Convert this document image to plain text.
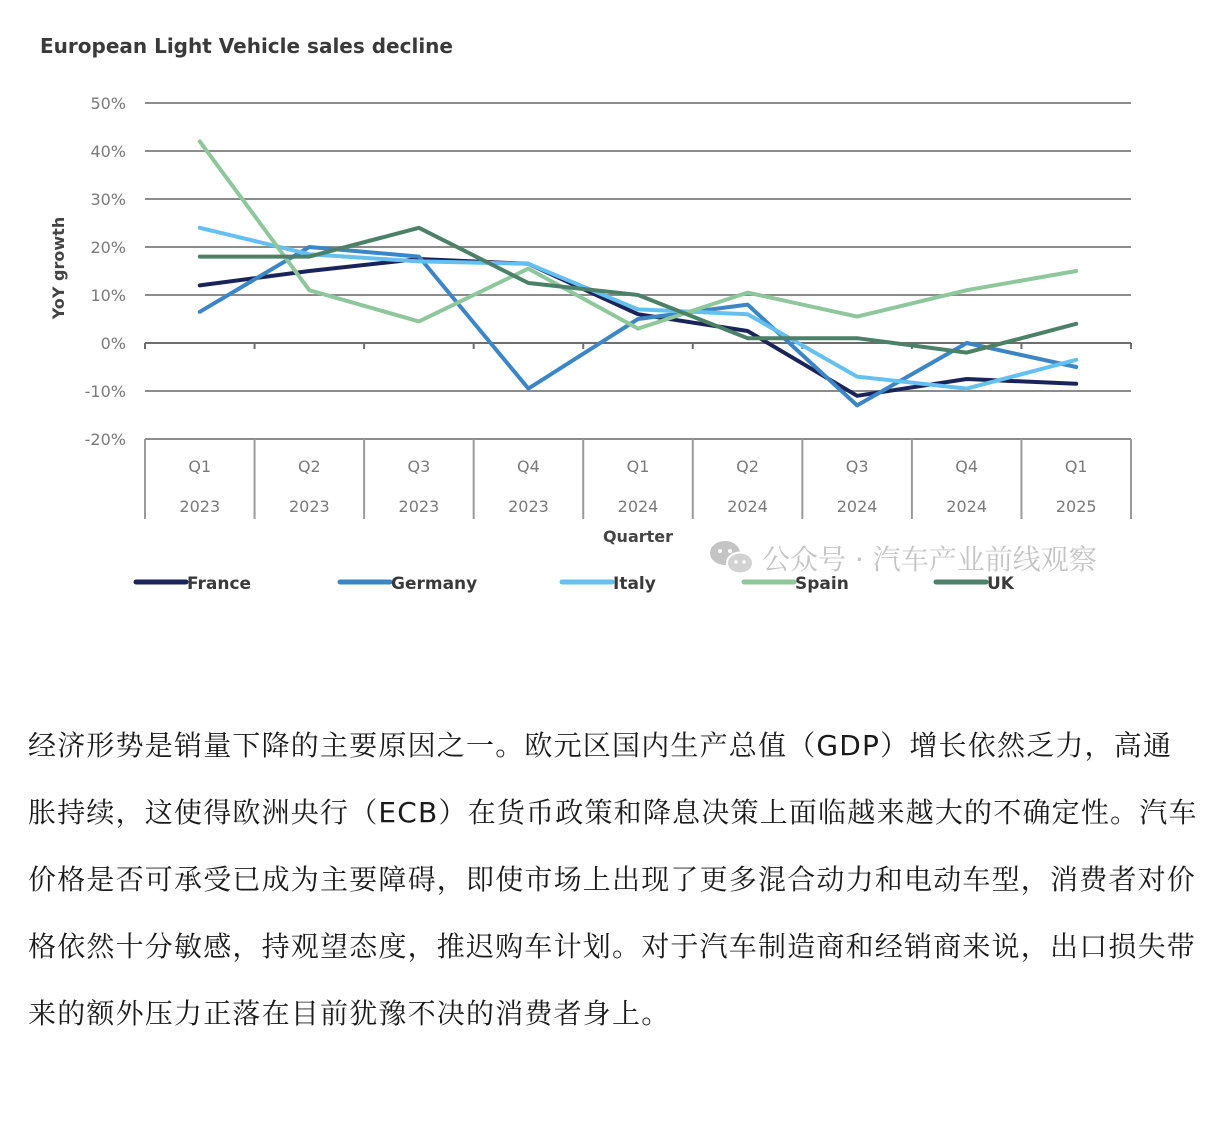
European Light Vehicle sales decline
50%
40%
30%
20%
10%
0%
-10%
-20%
Q1
2023
Q2
2023
Q3
2023
Q4
2023
Q1
2024
Q2
2024
Q3
2024
Q4
2024
Q1
2025
YoY growth
Quarter
公众号 · 汽车产业前线观察
France	Germany	Italy	Spain	UK

经济形势是销量下降的主要原因之一。欧元区国内生产总值（GDP）增长依然乏力，高通胀持续，这使得欧洲央行（ECB）在货币政策和降息决策上面临越来越大的不确定性。汽车价格是否可承受已成为主要障碍，即使市场上出现了更多混合动力和电动车型，消费者对价格依然十分敏感，持观望态度，推迟购车计划。对于汽车制造商和经销商来说，出口损失带来的额外压力正落在目前犹豫不决的消费者身上。
